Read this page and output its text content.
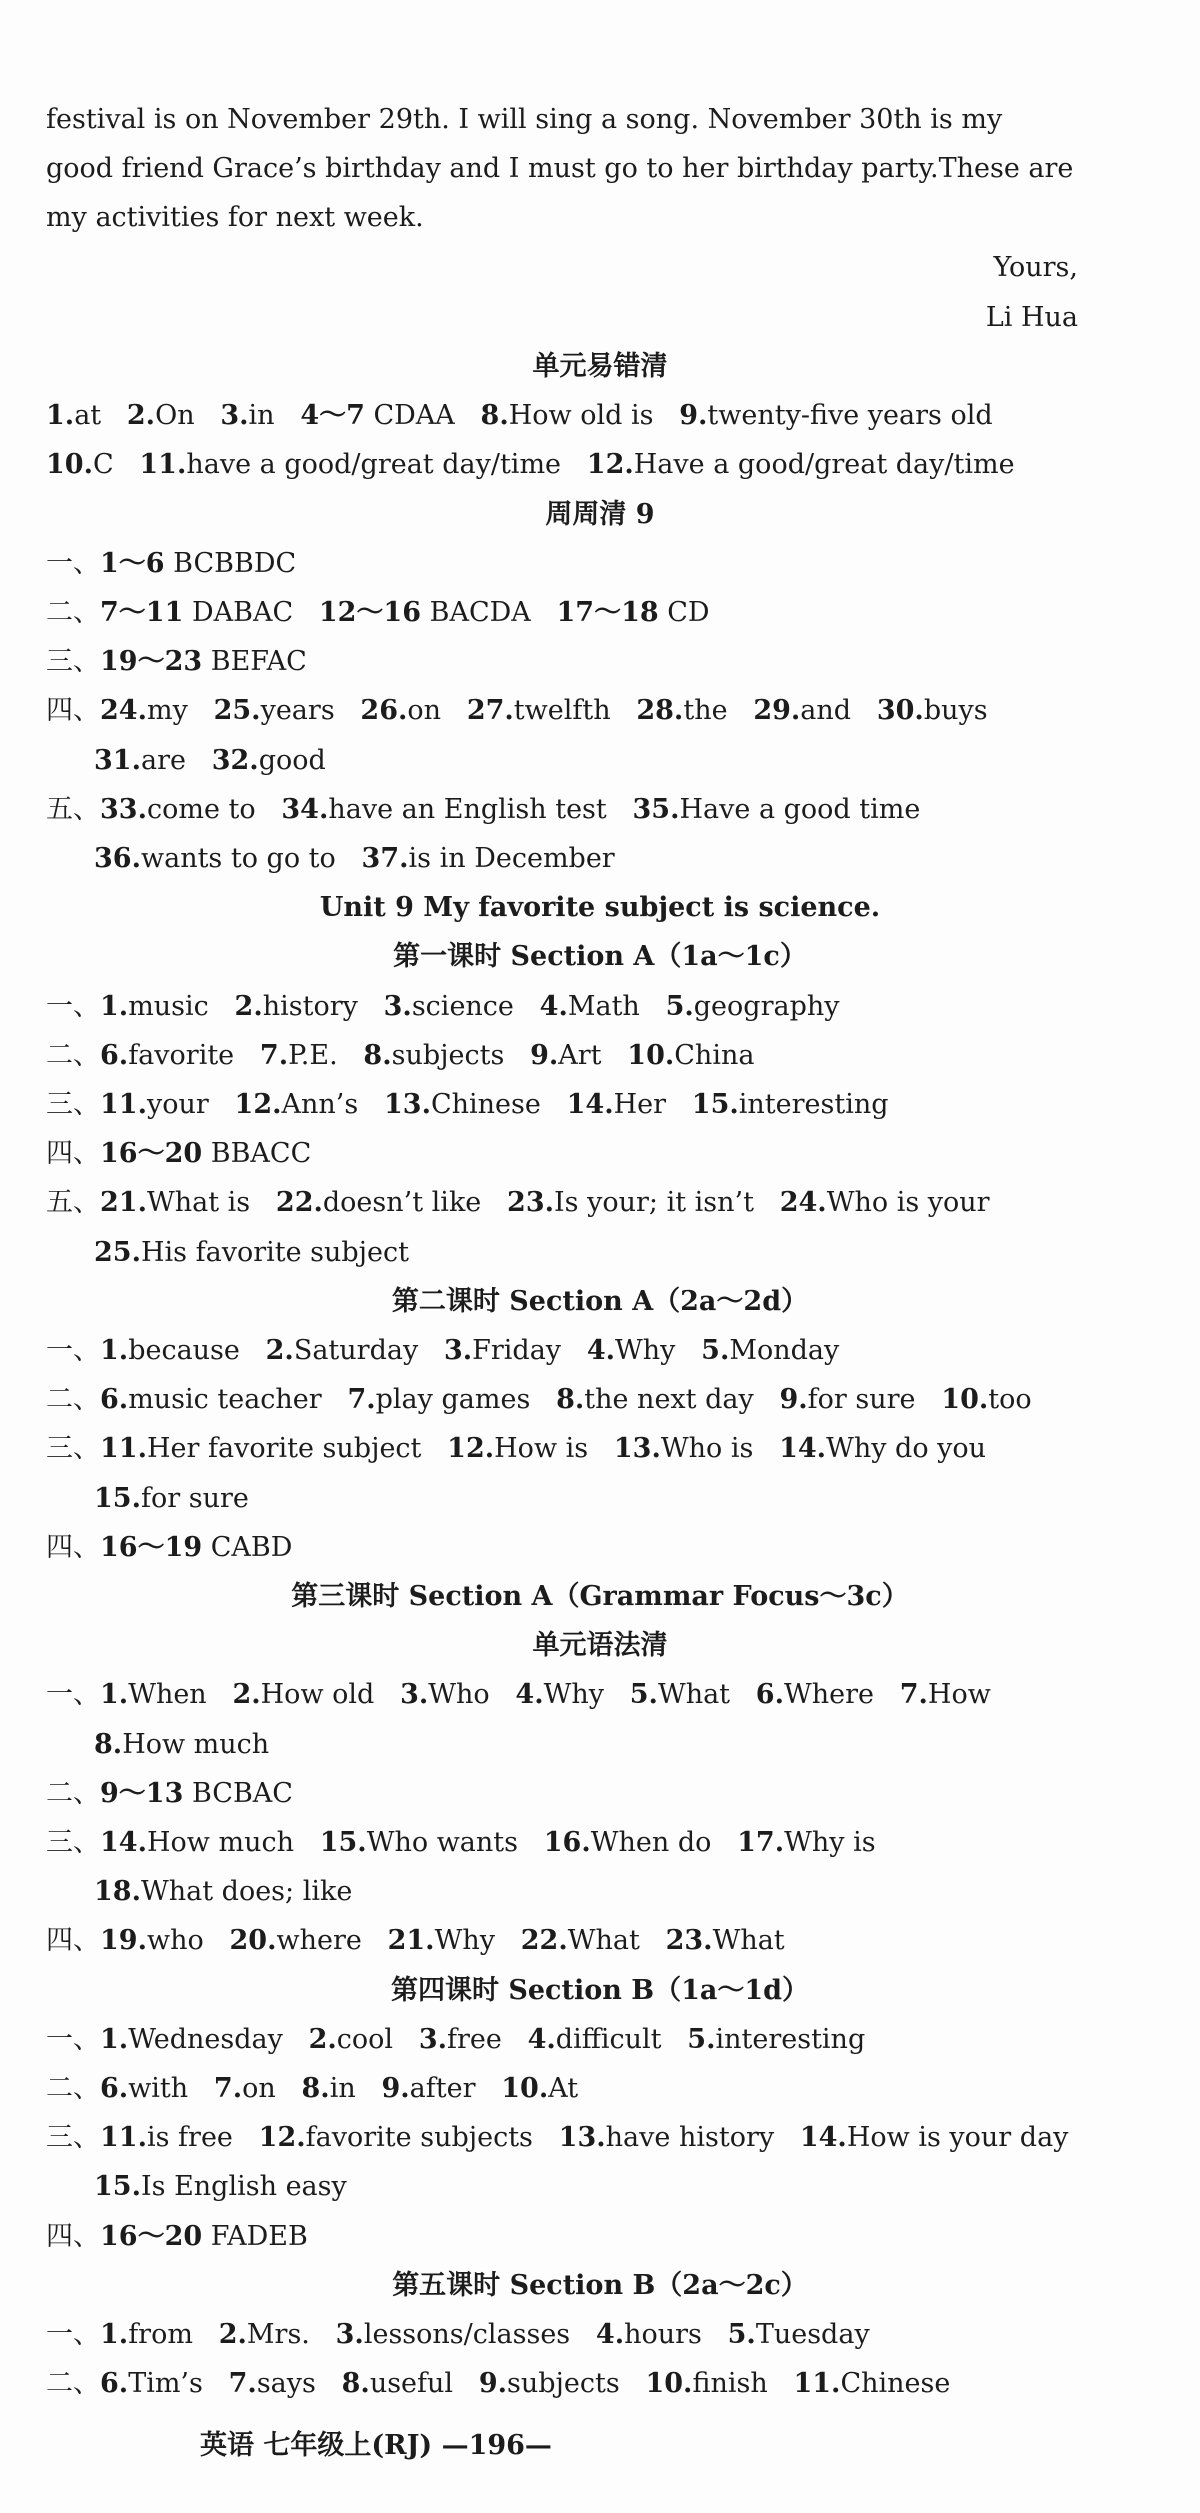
festival is on November 29th. I will sing a song. November 30th is my
good friend Grace’s birthday and I must go to her birthday party.These are
my activities for next week.
Yours,
Li Hua
单元易错清
1.at   2.On   3.in   4～7 CDAA   8.How old is   9.twenty-five years old
10.C   11.have a good/great day/time   12.Have a good/great day/time
周周清 9
一、1～6 BCBBDC
二、7～11 DABAC   12～16 BACDA   17～18 CD
三、19～23 BEFAC
四、24.my   25.years   26.on   27.twelfth   28.the   29.and   30.buys
31.are   32.good
五、33.come to   34.have an English test   35.Have a good time
36.wants to go to   37.is in December
Unit 9 My favorite subject is science.
第一课时 Section A（1a～1c）
一、1.music   2.history   3.science   4.Math   5.geography
二、6.favorite   7.P.E.   8.subjects   9.Art   10.China
三、11.your   12.Ann’s   13.Chinese   14.Her   15.interesting
四、16～20 BBACC
五、21.What is   22.doesn’t like   23.Is your; it isn’t   24.Who is your
25.His favorite subject
第二课时 Section A（2a～2d）
一、1.because   2.Saturday   3.Friday   4.Why   5.Monday
二、6.music teacher   7.play games   8.the next day   9.for sure   10.too
三、11.Her favorite subject   12.How is   13.Who is   14.Why do you
15.for sure
四、16～19 CABD
第三课时 Section A（Grammar Focus～3c）
单元语法清
一、1.When   2.How old   3.Who   4.Why   5.What   6.Where   7.How
8.How much
二、9～13 BCBAC
三、14.How much   15.Who wants   16.When do   17.Why is
18.What does; like
四、19.who   20.where   21.Why   22.What   23.What
第四课时 Section B（1a～1d）
一、1.Wednesday   2.cool   3.free   4.difficult   5.interesting
二、6.with   7.on   8.in   9.after   10.At
三、11.is free   12.favorite subjects   13.have history   14.How is your day
15.Is English easy
四、16～20 FADEB
第五课时 Section B（2a～2c）
一、1.from   2.Mrs.   3.lessons/classes   4.hours   5.Tuesday
二、6.Tim’s   7.says   8.useful   9.subjects   10.finish   11.Chinese
英语 七年级上(RJ) —196—
